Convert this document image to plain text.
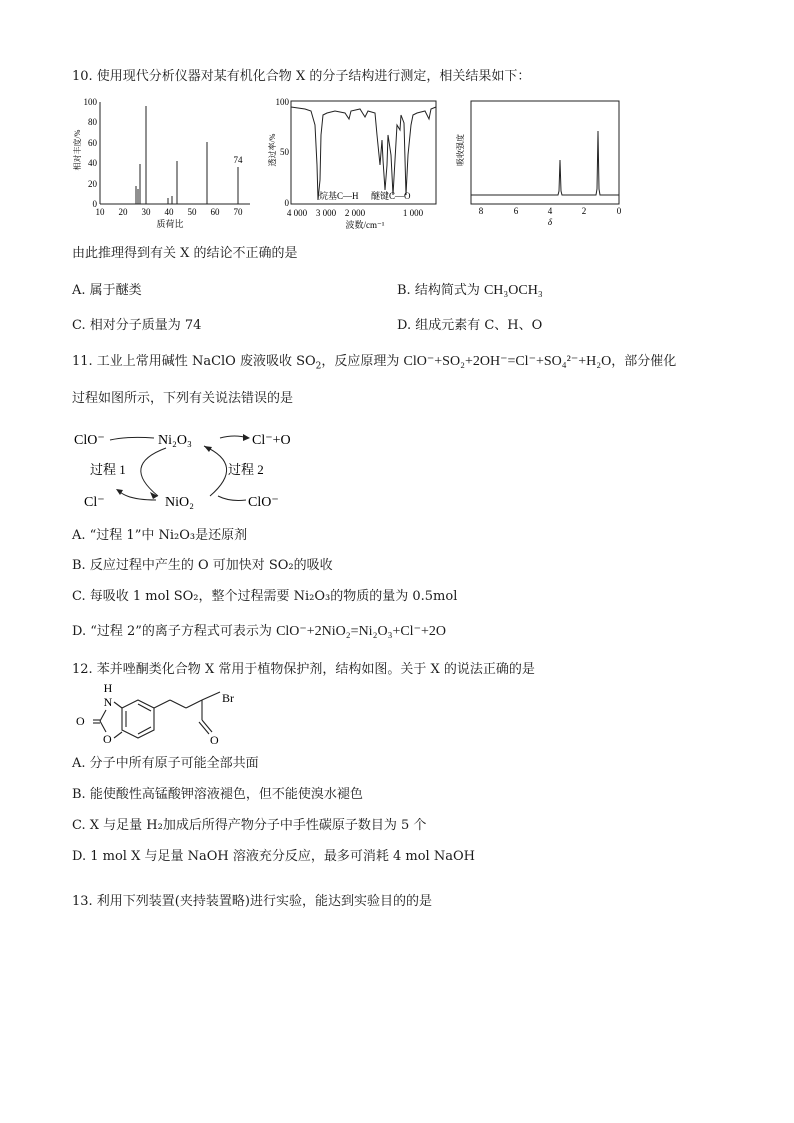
10. 使用现代分析仪器对某有机化合物 X 的分子结构进行测定，相关结果如下：
相对丰度/%
0
20
40
60
80
100
74
10 20 30 40 50 60 70
质荷比
透过率/%
0
50
100
烷基C—H 醚键C—O
4 000 3 000 2 000	1 000
波数/cm⁻¹
吸收强度
8	6	4	2	0
δ
由此推理得到有关 X 的结论不正确的是
A. 属于醚类	B. 结构简式为 CH₃OCH₃
C. 相对分子质量为 74	D. 组成元素有 C、H、O
11. 工业上常用碱性 NaClO 废液吸收 $SO_2$，反应原理为 ClO⁻+SO₂+2OH⁻=Cl⁻+SO₄²⁻+H₂O，部分催化
过程如图所示，下列有关说法错误的是
ClO⁻	Ni₂O₃	Cl⁻+O
过程 1	过程 2
Cl⁻	NiO₂	ClO⁻
A. “过程 1”中 Ni₂O₃是还原剂
B. 反应过程中产生的 O 可加快对 SO₂的吸收
C. 每吸收 1 mol SO₂，整个过程需要 Ni₂O₃的物质的量为 0.5mol
D. “过程 2”的离子方程式可表示为 ClO⁻+2NiO₂=Ni₂O₃+Cl⁻+2O
12. 苯并唑酮类化合物 X 常用于植物保护剂，结构如图。关于 X 的说法正确的是
H
N
O
O
Br
O
A. 分子中所有原子可能全部共面
B. 能使酸性高锰酸钾溶液褪色，但不能使溴水褪色
C. X 与足量 H₂加成后所得产物分子中手性碳原子数目为 5 个
D. 1 mol X 与足量 NaOH 溶液充分反应，最多可消耗 4 mol NaOH
13. 利用下列装置(夹持装置略)进行实验，能达到实验目的的是
